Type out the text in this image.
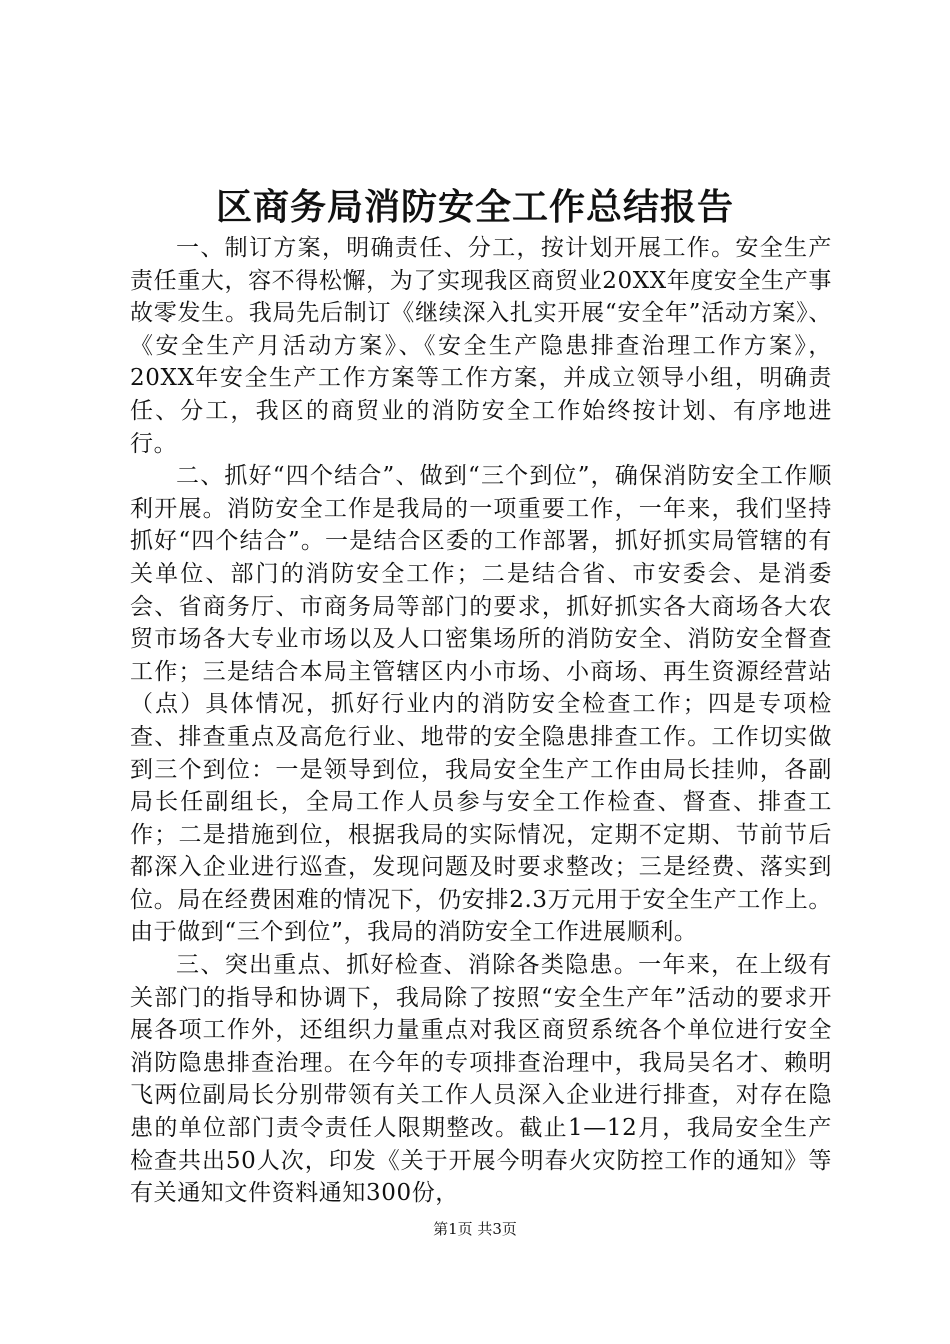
区商务局消防安全工作总结报告

一、制订方案，明确责任、分工，按计划开展工作。安全生产责任重大，容不得松懈，为了实现我区商贸业20XX年度安全生产事故零发生。我局先后制订《继续深入扎实开展“安全年”活动方案》、《安全生产月活动方案》、《安全生产隐患排查治理工作方案》，20XX年安全生产工作方案等工作方案，并成立领导小组，明确责任、分工，我区的商贸业的消防安全工作始终按计划、有序地进行。

二、抓好“四个结合”、做到“三个到位”，确保消防安全工作顺利开展。消防安全工作是我局的一项重要工作，一年来，我们坚持抓好“四个结合”。一是结合区委的工作部署，抓好抓实局管辖的有关单位、部门的消防安全工作；二是结合省、市安委会、是消委会、省商务厅、市商务局等部门的要求，抓好抓实各大商场各大农贸市场各大专业市场以及人口密集场所的消防安全、消防安全督查工作；三是结合本局主管辖区内小市场、小商场、再生资源经营站（点）具体情况，抓好行业内的消防安全检查工作；四是专项检查、排查重点及高危行业、地带的安全隐患排查工作。工作切实做到三个到位：一是领导到位，我局安全生产工作由局长挂帅，各副局长任副组长，全局工作人员参与安全工作检查、督查、排查工作；二是措施到位，根据我局的实际情况，定期不定期、节前节后都深入企业进行巡查，发现问题及时要求整改；三是经费、落实到位。局在经费困难的情况下，仍安排2.3万元用于安全生产工作上。由于做到“三个到位”，我局的消防安全工作进展顺利。

三、突出重点、抓好检查、消除各类隐患。一年来，在上级有关部门的指导和协调下，我局除了按照“安全生产年”活动的要求开展各项工作外，还组织力量重点对我区商贸系统各个单位进行安全消防隐患排查治理。在今年的专项排查治理中，我局吴名才、赖明飞两位副局长分别带领有关工作人员深入企业进行排查，对存在隐患的单位部门责令责任人限期整改。截止1—12月，我局安全生产检查共出50人次，印发《关于开展今明春火灾防控工作的通知》等有关通知文件资料通知300份，

第1页 共3页
